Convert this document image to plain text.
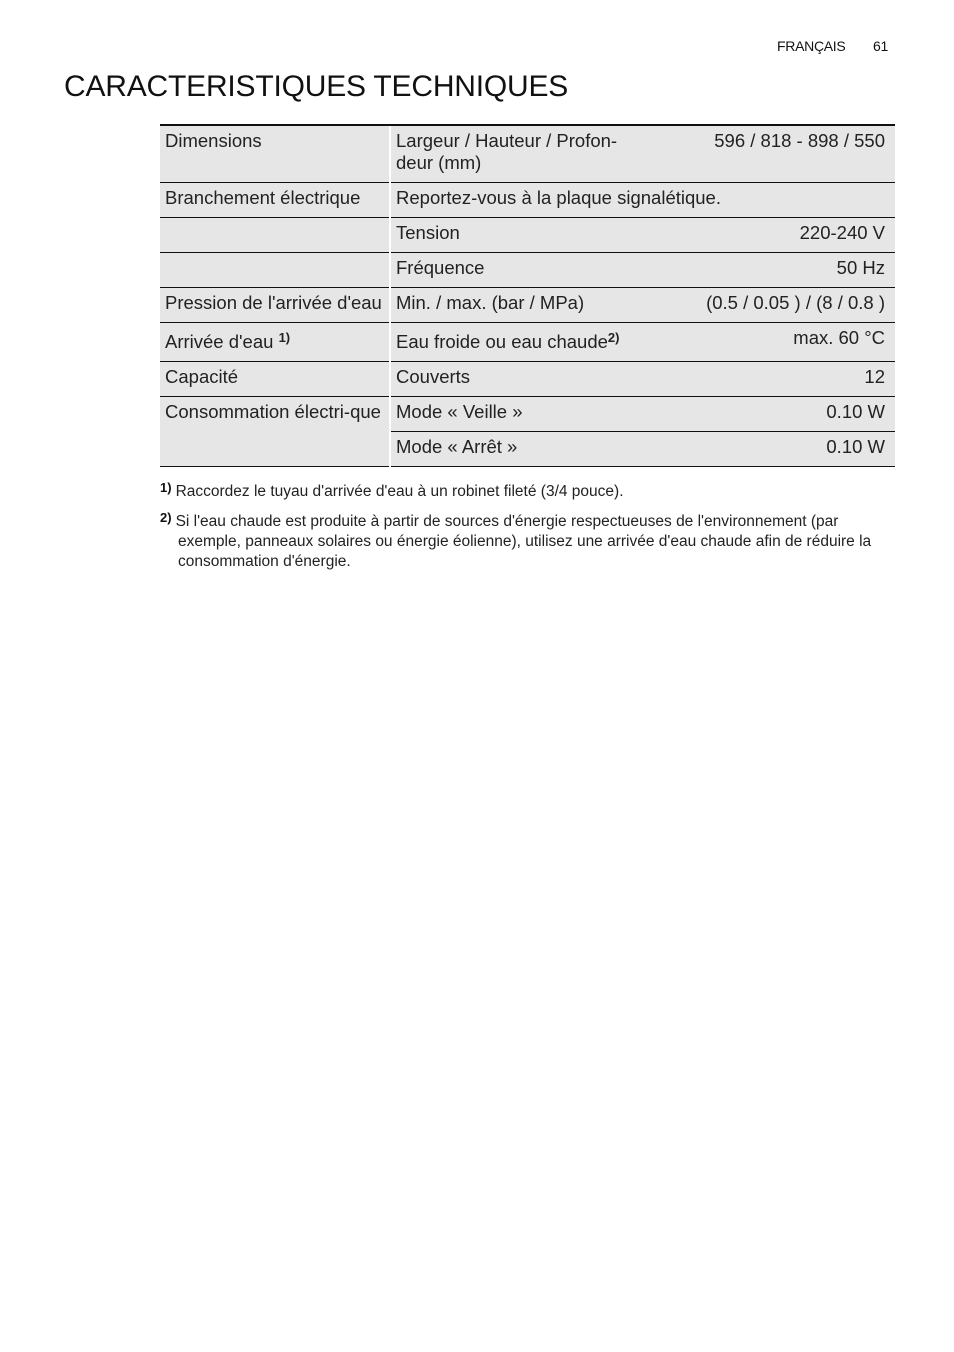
FRANÇAIS 61
CARACTERISTIQUES TECHNIQUES
Dimensions	Largeur / Hauteur / Profon-deur (mm)	596 / 818 - 898 / 550
Branchement électrique	Reportez-vous à la plaque signalétique.	
	Tension	220-240 V
	Fréquence	50 Hz
Pression de l'arrivée d'eau	Min. / max. (bar / MPa)	(0.5 / 0.05 ) / (8 / 0.8 )
Arrivée d'eau $^{1)}$	Eau froide ou eau chaude$^{2)}$	max. 60 °C
Capacité	Couverts	12
Consommation électri-que	Mode « Veille »	0.10 W
	Mode « Arrêt »	0.10 W

$^{1)}$ Raccordez le tuyau d'arrivée d'eau à un robinet fileté (3/4 pouce).

$^{2)}$ Si l'eau chaude est produite à partir de sources d'énergie respectueuses de l'environnement (par exemple, panneaux solaires ou énergie éolienne), utilisez une arrivée d'eau chaude afin de réduire la consommation d'énergie.
